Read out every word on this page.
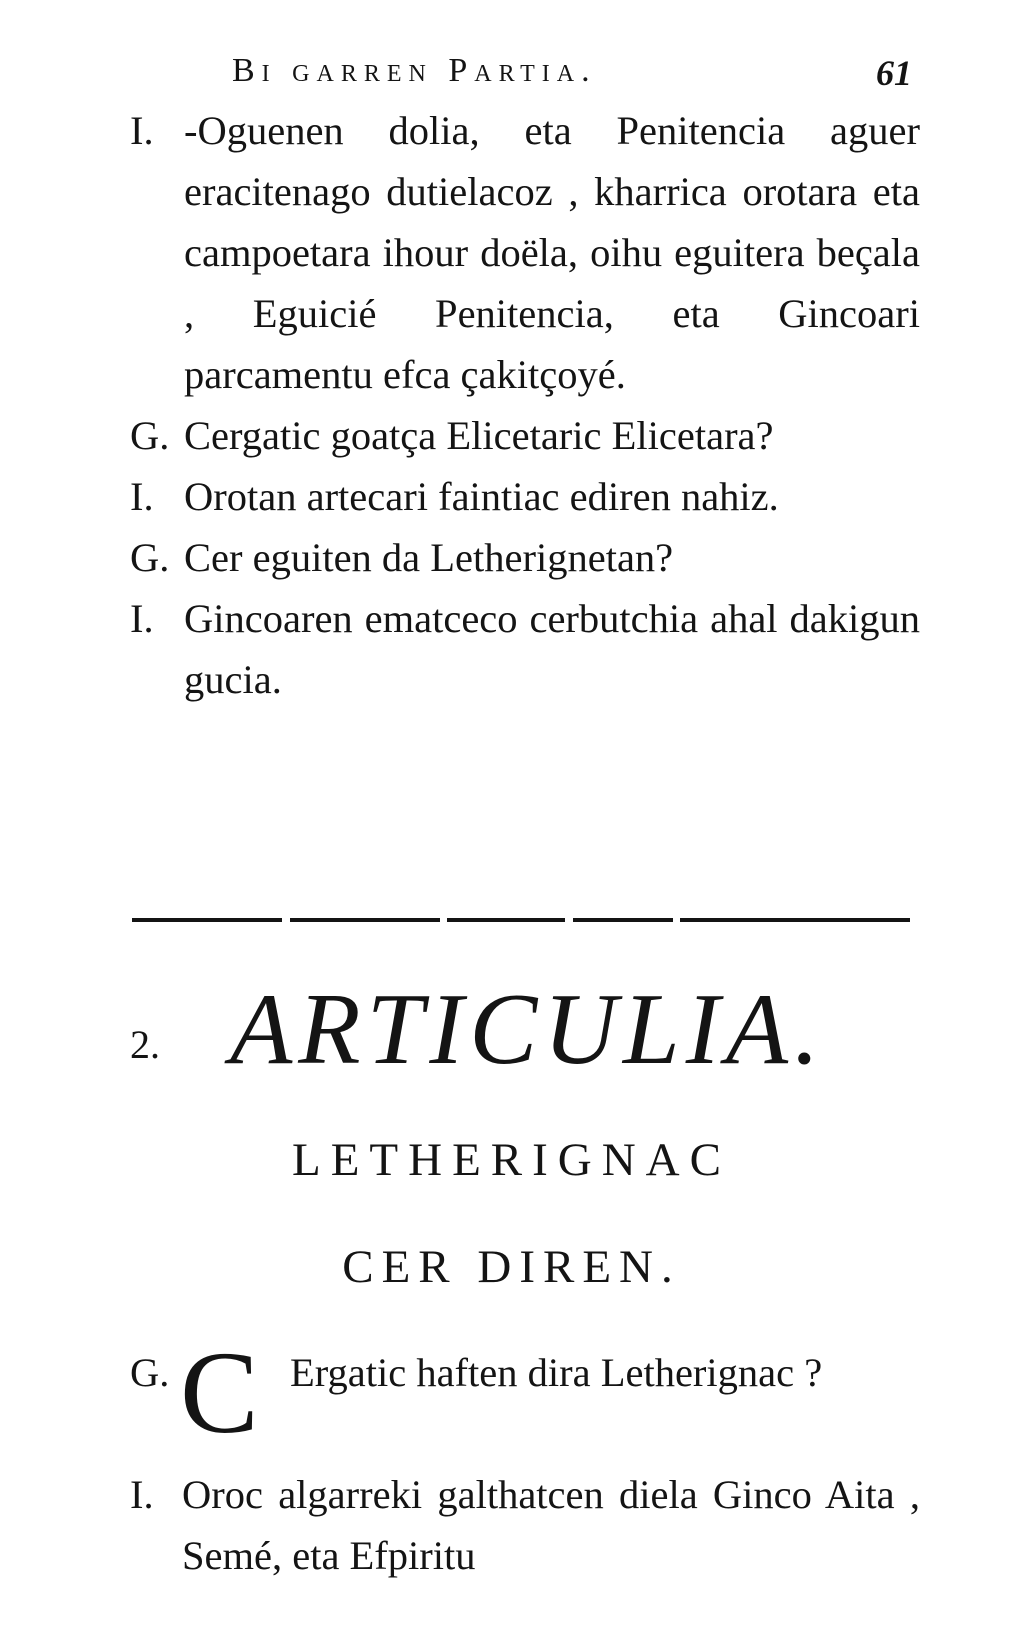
Bi garren Partia.	61
I. -Oguenen dolia, eta Penitencia aguer eracitenago dutielacoz , kharrica orotara eta campoetara ihour doëla, oihu eguitera beçala , Eguicié Penitencia, eta Gincoari parcamentu efca çakitçoyé.
G. Cergatic goatça Elicetaric Elicetara?
I. Orotan artecari faintiac ediren nahiz.
G. Cer eguiten da Letherignetan?
I. Gincoaren ematceco cerbutchia ahal dakigun gucia.
2. ARTICULIA.
LETHERIGNAC
CER DIREN.
G. C Ergatic haften dira Letherignac ?
I. Oroc algarreki galthatcen diela Ginco Aita , Semé, eta Efpiritu
